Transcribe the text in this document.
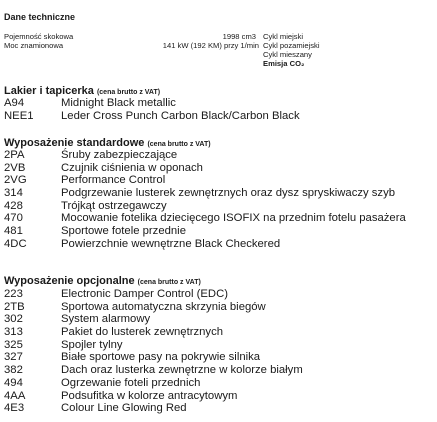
Dane techniczne
Pojemność skokowa	1998 cm3 Cykl miejski
Moc znamionowa	141 kW (192 KM) przy 1/min Cykl pozamiejski
Cykl mieszany
Emisja CO₂
Lakier i tapicerka (cena brutto z VAT)
A94	Midnight Black metallic
NEE1 Leder Cross Punch Carbon Black/Carbon Black
Wyposażenie standardowe (cena brutto z VAT)
2PA	Śruby zabezpieczające
2VB	Czujnik ciśnienia w oponach
2VG	Performance Control
314	Podgrzewanie lusterek zewnętrznych oraz dysz spryskiwaczy szyb
428	Trójkąt ostrzegawczy
470	Mocowanie fotelika dziecięcego ISOFIX na przednim fotelu pasażera
481	Sportowe fotele przednie
4DC	Powierzchnie wewnętrzne Black Checkered
Wyposażenie opcjonalne (cena brutto z VAT)
223	Electronic Damper Control (EDC)
2TB	Sportowa automatyczna skrzynia biegów
302	System alarmowy
313	Pakiet do lusterek zewnętrznych
325	Spojler tylny
327	Białe sportowe pasy na pokrywie silnika
382	Dach oraz lusterka zewnętrzne w kolorze białym
494	Ogrzewanie foteli przednich
4AA	Podsufitka w kolorze antracytowym
4E3	Colour Line Glowing Red
